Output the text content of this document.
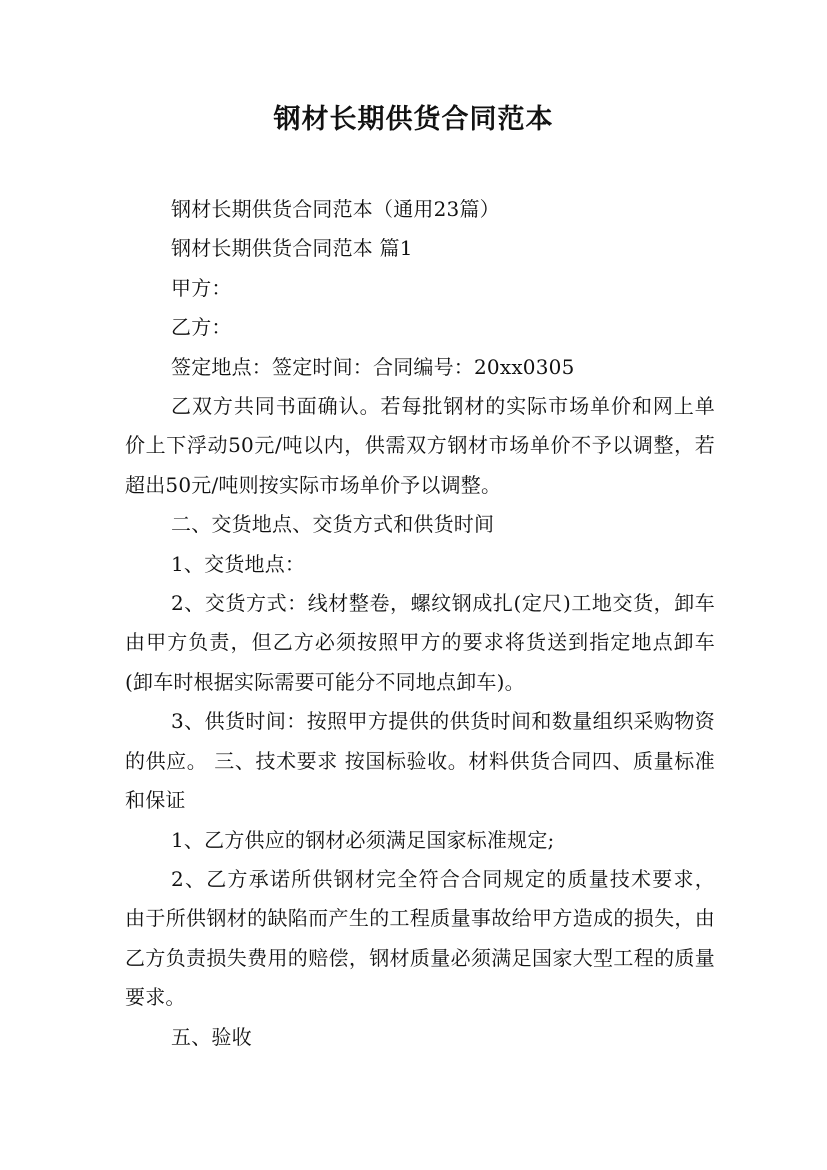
钢材长期供货合同范本

钢材长期供货合同范本（通用23篇）

钢材长期供货合同范本 篇1

甲方：

乙方：

签定地点：签定时间：合同编号：20xx0305

乙双方共同书面确认。若每批钢材的实际市场单价和网上单价上下浮动50元/吨以内，供需双方钢材市场单价不予以调整，若超出50元/吨则按实际市场单价予以调整。

二、交货地点、交货方式和供货时间

1、交货地点：

2、交货方式：线材整卷，螺纹钢成扎(定尺)工地交货，卸车由甲方负责，但乙方必须按照甲方的要求将货送到指定地点卸车(卸车时根据实际需要可能分不同地点卸车)。

3、供货时间：按照甲方提供的供货时间和数量组织采购物资的供应。 三、技术要求 按国标验收。材料供货合同四、质量标准和保证

1、乙方供应的钢材必须满足国家标准规定;

2、乙方承诺所供钢材完全符合合同规定的质量技术要求， 由于所供钢材的缺陷而产生的工程质量事故给甲方造成的损失，由乙方负责损失费用的赔偿，钢材质量必须满足国家大型工程的质量要求。

五、验收
